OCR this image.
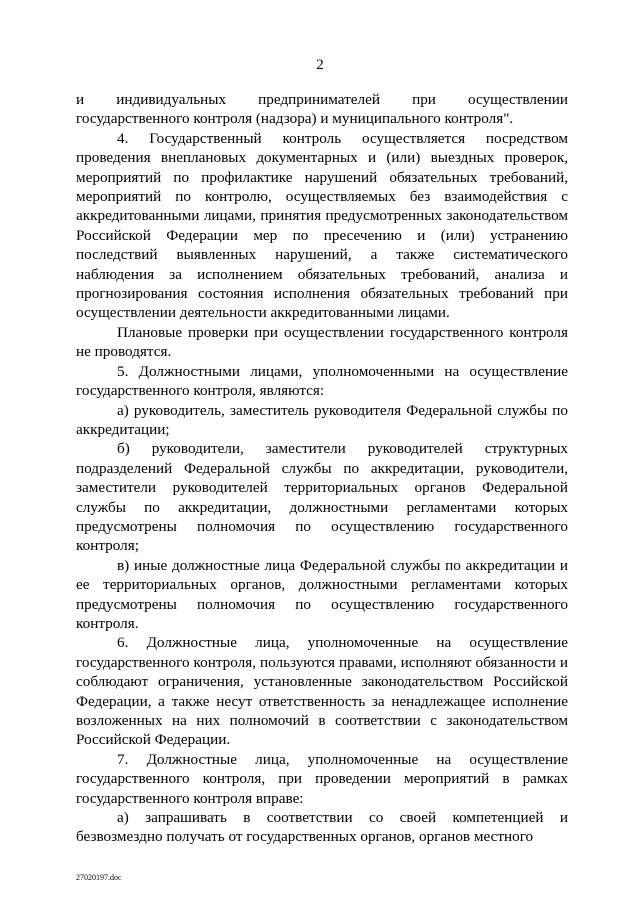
2

и индивидуальных предпринимателей при осуществлении государственного контроля (надзора) и муниципального контроля".

4. Государственный контроль осуществляется посредством проведения внеплановых документарных и (или) выездных проверок, мероприятий по профилактике нарушений обязательных требований, мероприятий по контролю, осуществляемых без взаимодействия с аккредитованными лицами, принятия предусмотренных законодательством Российской Федерации мер по пресечению и (или) устранению последствий выявленных нарушений, а также систематического наблюдения за исполнением обязательных требований, анализа и прогнозирования состояния исполнения обязательных требований при осуществлении деятельности аккредитованными лицами.

Плановые проверки при осуществлении государственного контроля не проводятся.

5. Должностными лицами, уполномоченными на осуществление государственного контроля, являются:

а) руководитель, заместитель руководителя Федеральной службы по аккредитации;

б) руководители, заместители руководителей структурных подразделений Федеральной службы по аккредитации, руководители, заместители руководителей территориальных органов Федеральной службы по аккредитации, должностными регламентами которых предусмотрены полномочия по осуществлению государственного контроля;

в) иные должностные лица Федеральной службы по аккредитации и ее территориальных органов, должностными регламентами которых предусмотрены полномочия по осуществлению государственного контроля.

6. Должностные лица, уполномоченные на осуществление государственного контроля, пользуются правами, исполняют обязанности и соблюдают ограничения, установленные законодательством Российской Федерации, а также несут ответственность за ненадлежащее исполнение возложенных на них полномочий в соответствии с законодательством Российской Федерации.

7. Должностные лица, уполномоченные на осуществление государственного контроля, при проведении мероприятий в рамках государственного контроля вправе:

а) запрашивать в соответствии со своей компетенцией и безвозмездно получать от государственных органов, органов местного

27020197.doc
